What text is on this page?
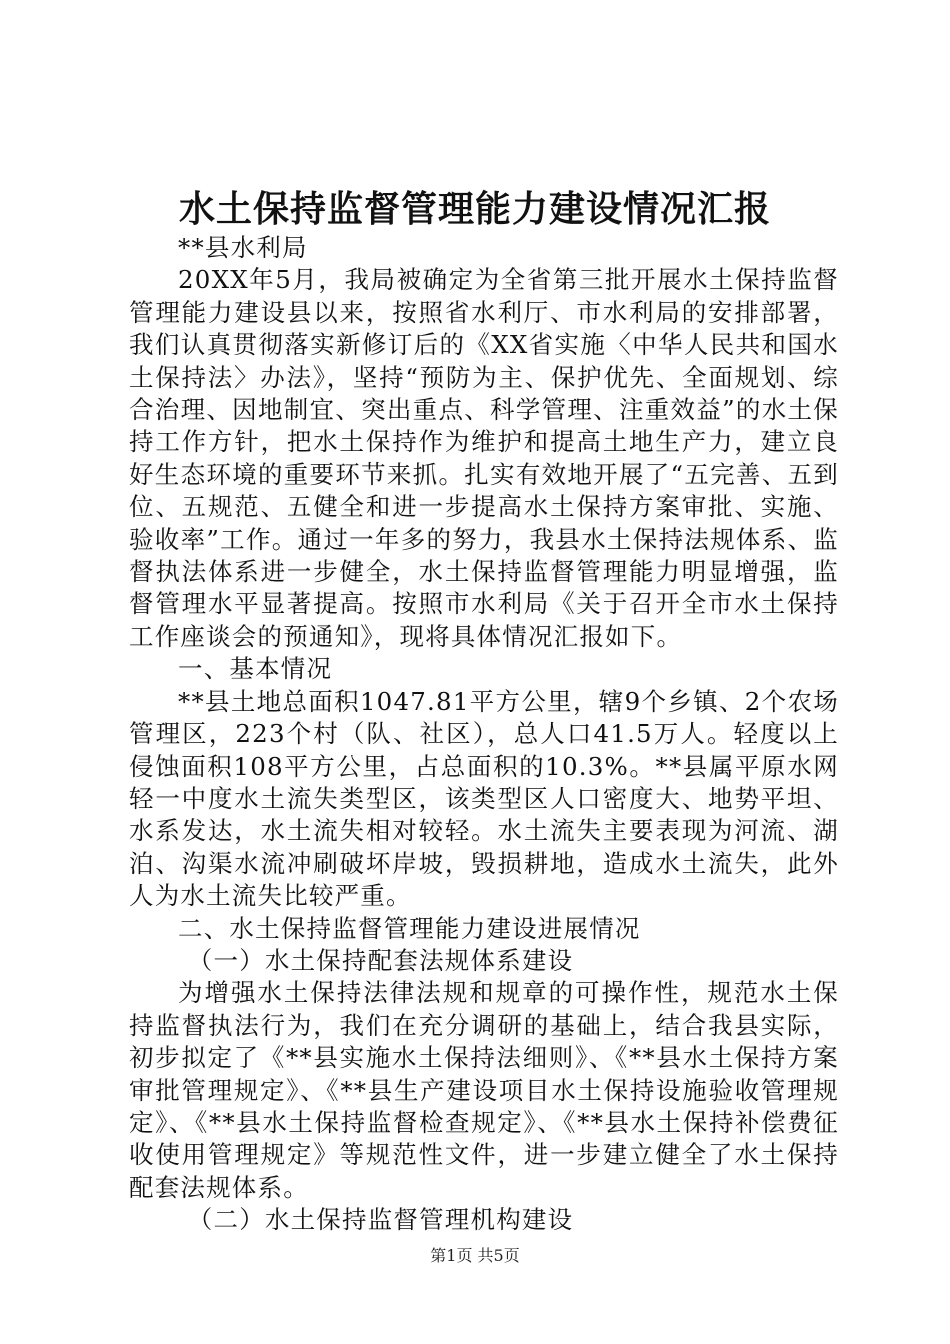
水土保持监督管理能力建设情况汇报

**县水利局

20XX年5月，我局被确定为全省第三批开展水土保持监督管理能力建设县以来，按照省水利厅、市水利局的安排部署，我们认真贯彻落实新修订后的《XX省实施〈中华人民共和国水土保持法〉办法》，坚持“预防为主、保护优先、全面规划、综合治理、因地制宜、突出重点、科学管理、注重效益”的水土保持工作方针，把水土保持作为维护和提高土地生产力，建立良好生态环境的重要环节来抓。扎实有效地开展了“五完善、五到位、五规范、五健全和进一步提高水土保持方案审批、实施、验收率”工作。通过一年多的努力，我县水土保持法规体系、监督执法体系进一步健全，水土保持监督管理能力明显增强，监督管理水平显著提高。按照市水利局《关于召开全市水土保持工作座谈会的预通知》，现将具体情况汇报如下。

一、基本情况

**县土地总面积1047.81平方公里，辖9个乡镇、2个农场管理区，223个村（队、社区），总人口41.5万人。轻度以上侵蚀面积108平方公里，占总面积的10.3%。**县属平原水网轻一中度水土流失类型区，该类型区人口密度大、地势平坦、水系发达，水土流失相对较轻。水土流失主要表现为河流、湖泊、沟渠水流冲刷破坏岸坡，毁损耕地，造成水土流失，此外人为水土流失比较严重。

二、水土保持监督管理能力建设进展情况

（一）水土保持配套法规体系建设

为增强水土保持法律法规和规章的可操作性，规范水土保持监督执法行为，我们在充分调研的基础上，结合我县实际，初步拟定了《**县实施水土保持法细则》、《**县水土保持方案审批管理规定》、《**县生产建设项目水土保持设施验收管理规定》、《**县水土保持监督检查规定》、《**县水土保持补偿费征收使用管理规定》等规范性文件，进一步建立健全了水土保持配套法规体系。

（二）水土保持监督管理机构建设

第1页 共5页
